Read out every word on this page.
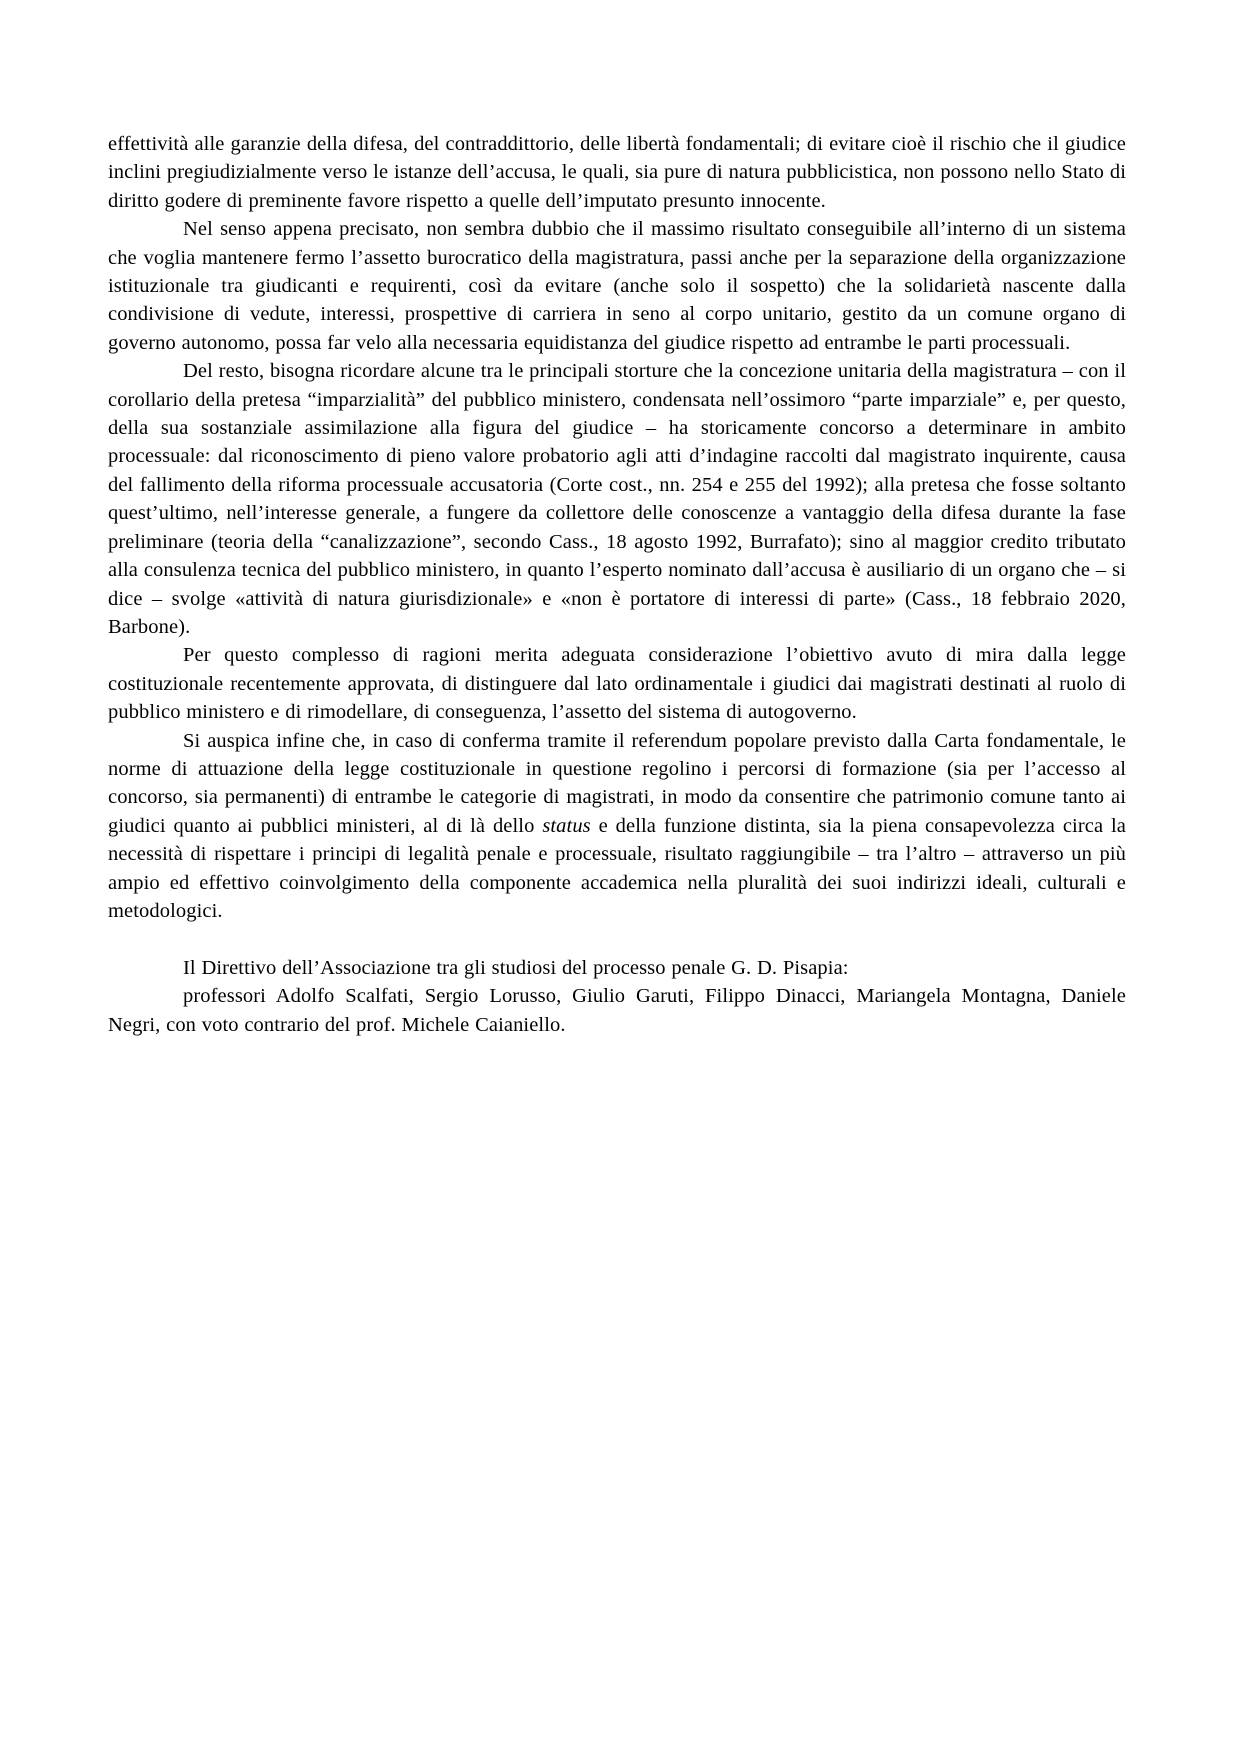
effettività alle garanzie della difesa, del contraddittorio, delle libertà fondamentali; di evitare cioè il rischio che il giudice inclini pregiudizialmente verso le istanze dell’accusa, le quali, sia pure di natura pubblicistica, non possono nello Stato di diritto godere di preminente favore rispetto a quelle dell’imputato presunto innocente.

Nel senso appena precisato, non sembra dubbio che il massimo risultato conseguibile all’interno di un sistema che voglia mantenere fermo l’assetto burocratico della magistratura, passi anche per la separazione della organizzazione istituzionale tra giudicanti e requirenti, così da evitare (anche solo il sospetto) che la solidarietà nascente dalla condivisione di vedute, interessi, prospettive di carriera in seno al corpo unitario, gestito da un comune organo di governo autonomo, possa far velo alla necessaria equidistanza del giudice rispetto ad entrambe le parti processuali.

Del resto, bisogna ricordare alcune tra le principali storture che la concezione unitaria della magistratura – con il corollario della pretesa “imparzialità” del pubblico ministero, condensata nell’ossimoro “parte imparziale” e, per questo, della sua sostanziale assimilazione alla figura del giudice – ha storicamente concorso a determinare in ambito processuale: dal riconoscimento di pieno valore probatorio agli atti d’indagine raccolti dal magistrato inquirente, causa del fallimento della riforma processuale accusatoria (Corte cost., nn. 254 e 255 del 1992); alla pretesa che fosse soltanto quest’ultimo, nell’interesse generale, a fungere da collettore delle conoscenze a vantaggio della difesa durante la fase preliminare (teoria della “canalizzazione”, secondo Cass., 18 agosto 1992, Burrafato); sino al maggior credito tributato alla consulenza tecnica del pubblico ministero, in quanto l’esperto nominato dall’accusa è ausiliario di un organo che – si dice – svolge «attività di natura giurisdizionale» e «non è portatore di interessi di parte» (Cass., 18 febbraio 2020, Barbone).

Per questo complesso di ragioni merita adeguata considerazione l’obiettivo avuto di mira dalla legge costituzionale recentemente approvata, di distinguere dal lato ordinamentale i giudici dai magistrati destinati al ruolo di pubblico ministero e di rimodellare, di conseguenza, l’assetto del sistema di autogoverno.

Si auspica infine che, in caso di conferma tramite il referendum popolare previsto dalla Carta fondamentale, le norme di attuazione della legge costituzionale in questione regolino i percorsi di formazione (sia per l’accesso al concorso, sia permanenti) di entrambe le categorie di magistrati, in modo da consentire che patrimonio comune tanto ai giudici quanto ai pubblici ministeri, al di là dello status e della funzione distinta, sia la piena consapevolezza circa la necessità di rispettare i principi di legalità penale e processuale, risultato raggiungibile – tra l’altro – attraverso un più ampio ed effettivo coinvolgimento della componente accademica nella pluralità dei suoi indirizzi ideali, culturali e metodologici.

Il Direttivo dell’Associazione tra gli studiosi del processo penale G. D. Pisapia:

professori Adolfo Scalfati, Sergio Lorusso, Giulio Garuti, Filippo Dinacci, Mariangela Montagna, Daniele Negri, con voto contrario del prof. Michele Caianiello.
